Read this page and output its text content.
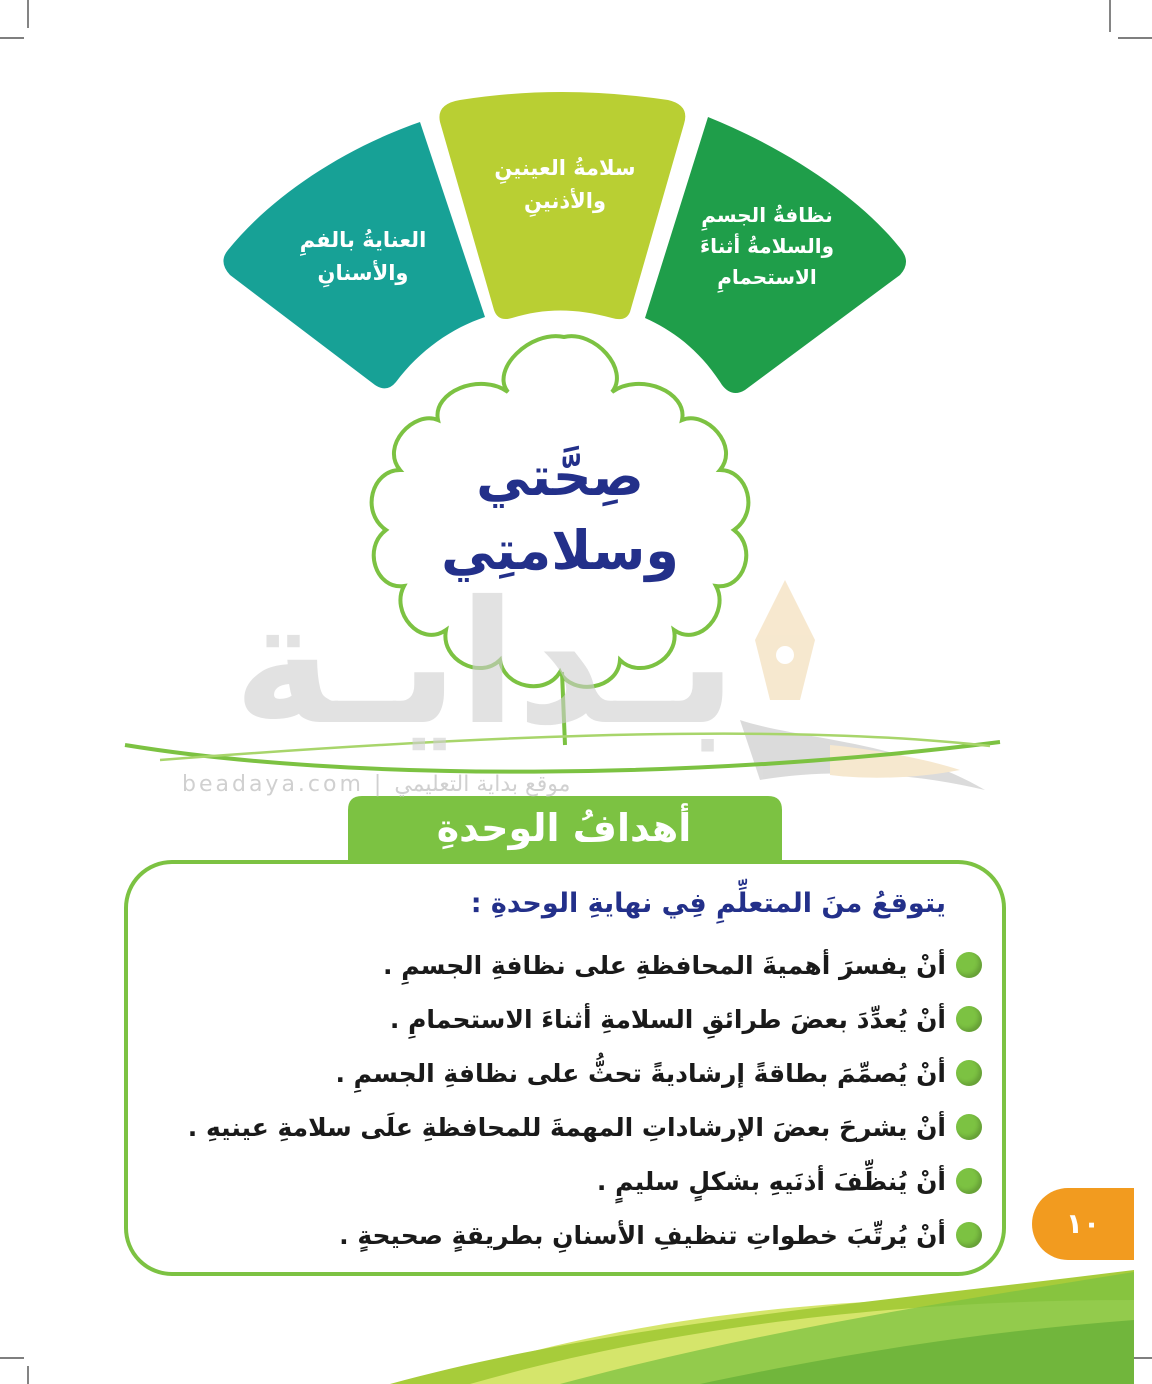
نظافةُ الجسمِ
والسلامةُ أثناءَ
الاستحمامِ
سلامةُ العينينِ
والأذنينِ
العنايةُ بالفمِ
والأسنانِ
بـدايـة
beadaya.com | موقع بداية التعليمي
صِحَّتي
وسلامتِي
أهدافُ الوحدةِ
يتوقعُ منَ المتعلِّمِ فِي نهايةِ الوحدةِ :
أنْ يفسرَ أهميةَ المحافظةِ على نظافةِ الجسمِ .
أنْ يُعدِّدَ بعضَ طرائقِ السلامةِ أثناءَ الاستحمامِ .
أنْ يُصمِّمَ بطاقةً إرشاديةً تحثُّ على نظافةِ الجسمِ .
أنْ يشرحَ بعضَ الإرشاداتِ المهمةَ للمحافظةِ علَى سلامةِ عينيهِ .
أنْ يُنظِّفَ أذنَيهِ بشكلٍ سليمٍ .
أنْ يُرتِّبَ خطواتِ تنظيفِ الأسنانِ بطريقةٍ صحيحةٍ .	١٠
